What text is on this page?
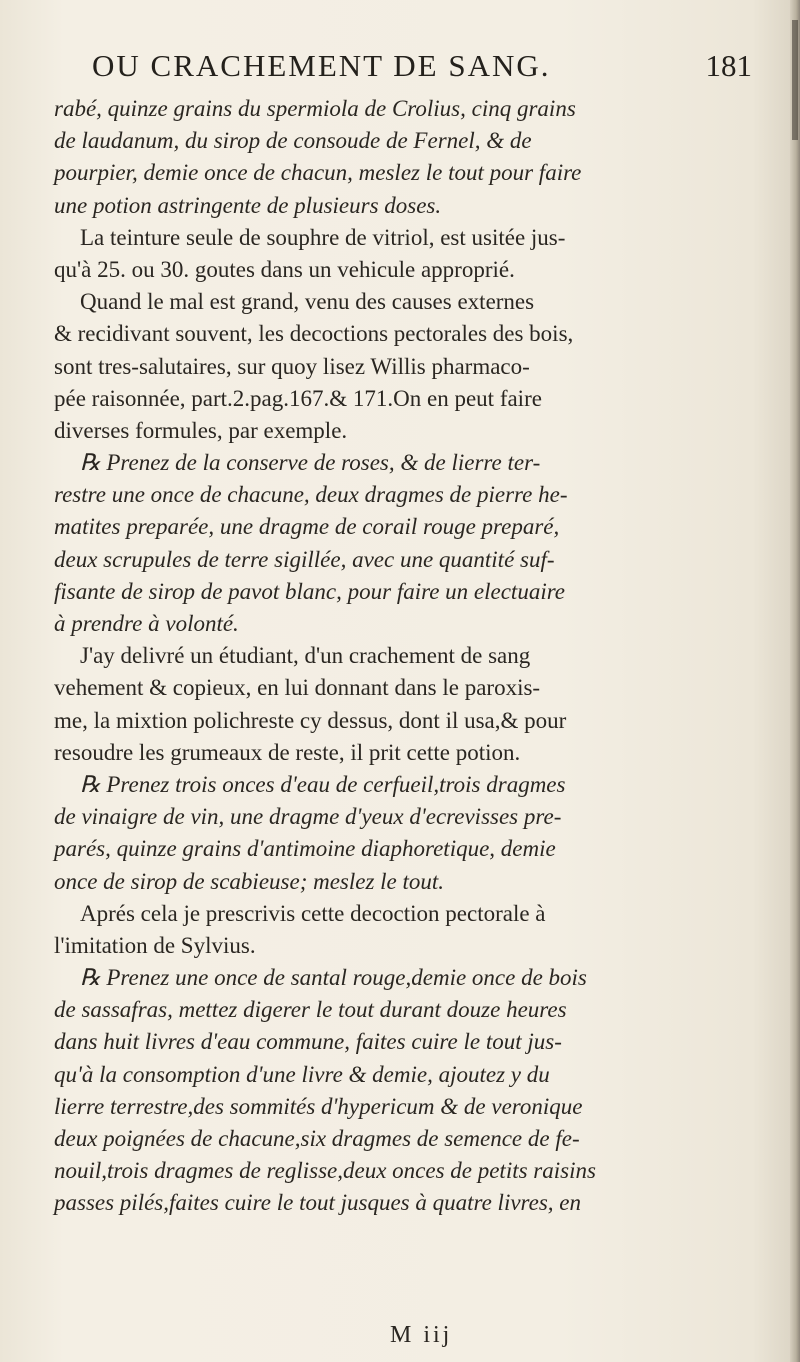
OU CRACHEMENT DE SANG.	181
rabé, quinze grains du spermiola de Crolius, cinq grains
de laudanum, du sirop de consoude de Fernel, & de
pourpier, demie once de chacun, meslez le tout pour faire
une potion astringente de plusieurs doses.
La teinture seule de souphre de vitriol, est usitée jus-
qu'à 25. ou 30. goutes dans un vehicule approprié.
Quand le mal est grand, venu des causes externes
& recidivant souvent, les decoctions pectorales des bois,
sont tres-salutaires, sur quoy lisez Willis pharmaco-
pée raisonnée, part.2.pag.167.& 171.On en peut faire
diverses formules, par exemple.
℞ Prenez de la conserve de roses, & de lierre ter-
restre une once de chacune, deux dragmes de pierre he-
matites preparée, une dragme de corail rouge preparé,
deux scrupules de terre sigillée, avec une quantité suf-
fisante de sirop de pavot blanc, pour faire un electuaire
à prendre à volonté.
J'ay delivré un étudiant, d'un crachement de sang
vehement & copieux, en lui donnant dans le paroxis-
me, la mixtion polichreste cy dessus, dont il usa,& pour
resoudre les grumeaux de reste, il prit cette potion.
℞ Prenez trois onces d'eau de cerfueil,trois dragmes
de vinaigre de vin, une dragme d'yeux d'ecrevisses pre-
parés, quinze grains d'antimoine diaphoretique, demie
once de sirop de scabieuse; meslez le tout.
Aprés cela je prescrivis cette decoction pectorale à
l'imitation de Sylvius.
℞ Prenez une once de santal rouge,demie once de bois
de sassafras, mettez digerer le tout durant douze heures
dans huit livres d'eau commune, faites cuire le tout jus-
qu'à la consomption d'une livre & demie, ajoutez y du
lierre terrestre,des sommités d'hypericum & de veronique
deux poignées de chacune,six dragmes de semence de fe-
nouil,trois dragmes de reglisse,deux onces de petits raisins
passes pilés,faites cuire le tout jusques à quatre livres, en
M iij
